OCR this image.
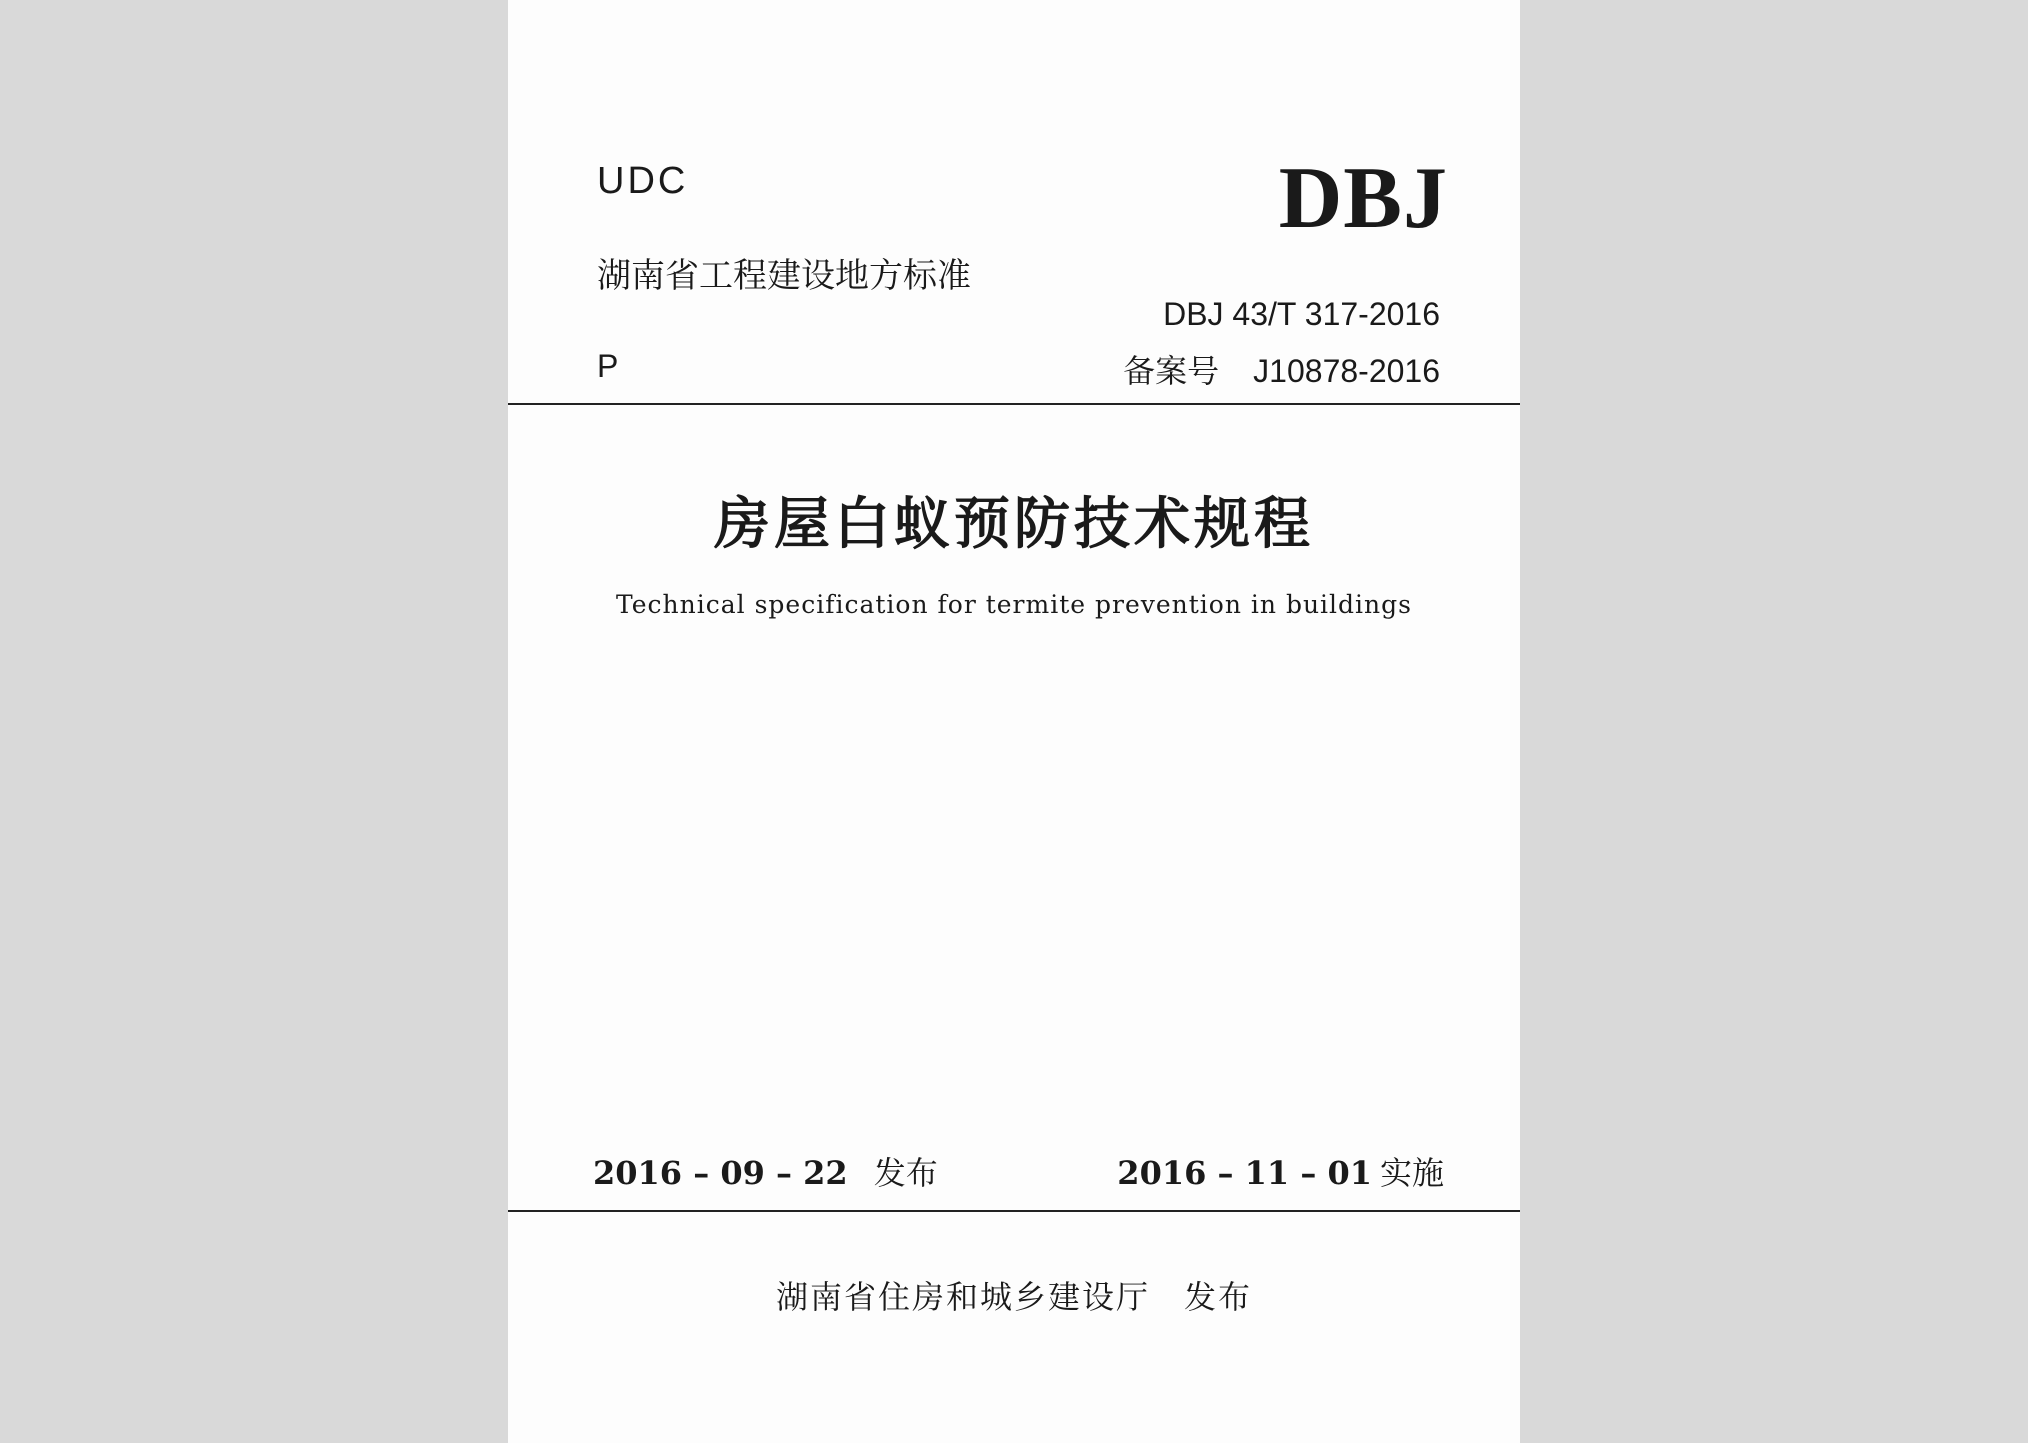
UDC	DBJ
湖南省工程建设地方标准
DBJ 43/T 317-2016
P	备案号 J10878-2016
房屋白蚁预防技术规程
Technical specification for termite prevention in buildings
2016 – 09 – 22 发布	2016 – 11 – 01 实施
湖南省住房和城乡建设厅 发布
